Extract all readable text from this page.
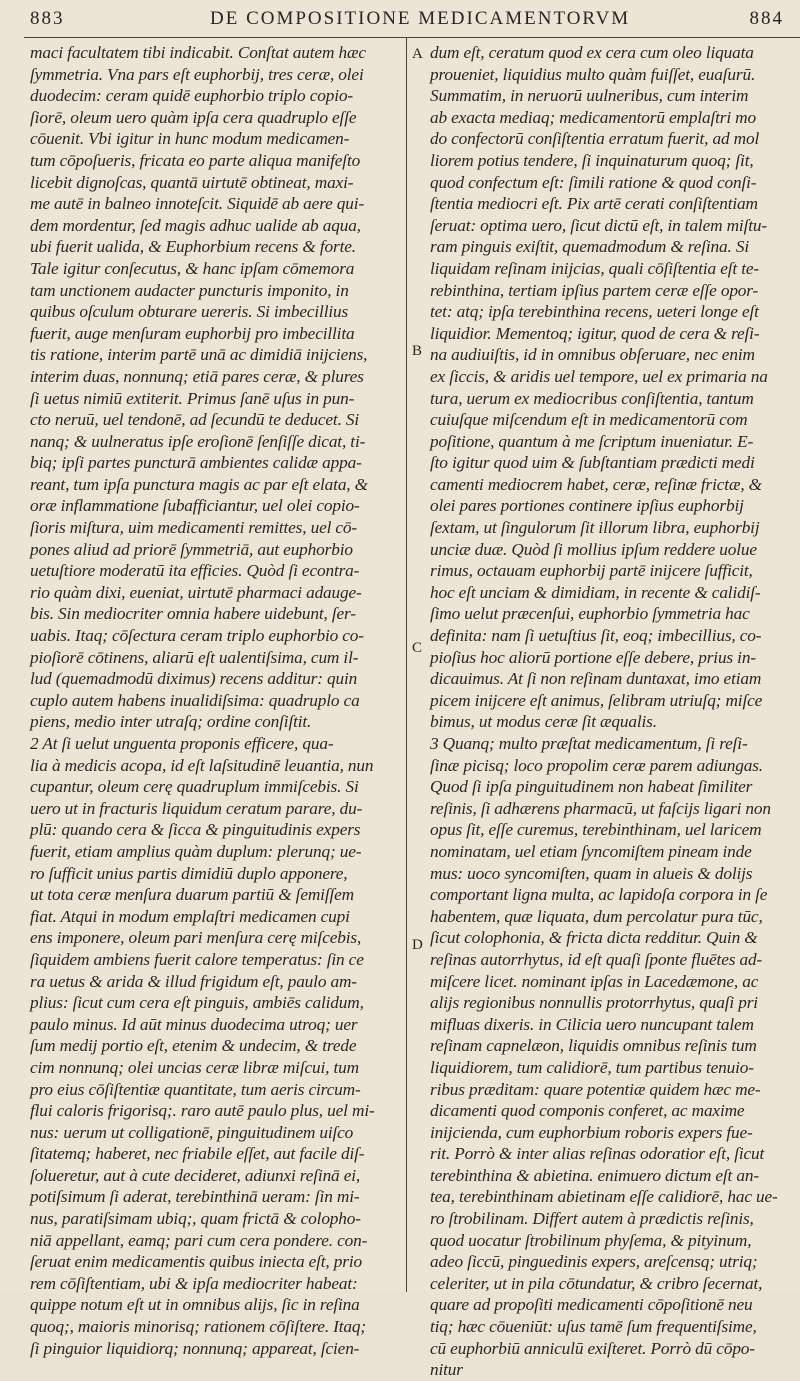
883	DE COMPOSITIONE MEDICAMENTORVM	884
maci facultatem tibi indicabit. Conſtat autem hæc
ſymmetria. Vna pars eſt euphorbij, tres ceræ, olei
duodecim: ceram quidē euphorbio triplo copio-
ſiorē, oleum uero quàm ipſa cera quadruplo eſſe
cōuenit. Vbi igitur in hunc modum medicamen-
tum cōpoſueris, fricata eo parte aliqua manifeſto
licebit dignoſcas, quantā uirtutē obtineat, maxi-
me autē in balneo innoteſcit. Siquidē ab aere qui-
dem mordentur, ſed magis adhuc ualide ab aqua,
ubi fuerit ualida, & Euphorbium recens & forte.
Tale igitur conſecutus, & hanc ipſam cōmemora
tam unctionem audacter puncturis imponito, in
quibus oſculum obturare uereris. Si imbecillius
fuerit, auge menſuram euphorbij pro imbecillita
tis ratione, interim partē unā ac dimidiā inijciens,
interim duas, nonnunq; etiā pares ceræ, & plures
ſi uetus nimiū extiterit. Primus ſanē uſus in pun-
cto neruū, uel tendonē, ad ſecundū te deducet. Si
nanq; & uulneratus ipſe eroſionē ſenſiſſe dicat, ti-
biq; ipſi partes puncturā ambientes calidæ appa-
reant, tum ipſa punctura magis ac par eſt elata, &
oræ inflammatione ſubafficiantur, uel olei copio-
ſioris miſtura, uim medicamenti remittes, uel cō-
pones aliud ad priorē ſymmetriā, aut euphorbio
uetuſtiore moderatū ita efficies. Quòd ſi econtra-
rio quàm dixi, eueniat, uirtutē pharmaci adauge-
bis. Sin mediocriter omnia habere uidebunt, ſer-
uabis. Itaq; cōſectura ceram triplo euphorbio co-
pioſiorē cōtinens, aliarū eſt ualentiſsima, cum il-
lud (quemadmodū diximus) recens additur: quin
cuplo autem habens inualidiſsima: quadruplo ca
piens, medio inter utraſq; ordine conſiſtit.
2 At ſi uelut unguenta proponis efficere, qua-
lia à medicis acopa, id eſt laſsitudinē leuantia, nun
cupantur, oleum cerę quadruplum immiſcebis. Si
uero ut in fracturis liquidum ceratum parare, du-
plū: quando cera & ſicca & pinguitudinis expers
fuerit, etiam amplius quàm duplum: plerunq; ue-
ro ſufficit unius partis dimidiū duplo apponere,
ut tota ceræ menſura duarum partiū & ſemiſſem
fiat. Atqui in modum emplaſtri medicamen cupi
ens imponere, oleum pari menſura cerę miſcebis,
ſiquidem ambiens fuerit calore temperatus: ſin ce
ra uetus & arida & illud frigidum eſt, paulo am-
plius: ſicut cum cera eſt pinguis, ambiēs calidum,
paulo minus. Id aūt minus duodecima utroq; uer
ſum medij portio eſt, etenim & undecim, & trede
cim nonnunq; olei uncias ceræ libræ miſcui, tum
pro eius cōſiſtentiæ quantitate, tum aeris circum-
flui caloris frigorisq;. raro autē paulo plus, uel mi-
nus: uerum ut colligationē, pinguitudinem uiſco
ſitatemq; haberet, nec friabile eſſet, aut facile diſ-
ſolueretur, aut à cute decideret, adiunxi reſinā ei,
potiſsimum ſi aderat, terebinthinā ueram: ſin mi-
nus, paratiſsimam ubiq;, quam frictā & colopho-
niā appellant, eamq; pari cum cera pondere. con-
ſeruat enim medicamentis quibus iniecta eſt, prio
rem cōſiſtentiam, ubi & ipſa mediocriter habeat:
quippe notum eſt ut in omnibus alijs, ſic in reſina
quoq;, maioris minorisq; rationem cōſiſtere. Itaq;
ſi pinguior liquidiorq; nonnunq; appareat, ſcien-
dum eſt, ceratum quod ex cera cum oleo liquata
proueniet, liquidius multo quàm fuiſſet, euaſurū.
Summatim, in neruorū uulneribus, cum interim
ab exacta mediaq; medicamentorū emplaſtri mo
do confectorū conſiſtentia erratum fuerit, ad mol
liorem potius tendere, ſi inquinaturum quoq; ſit,
quod confectum eſt: ſimili ratione & quod conſi-
ſtentia mediocri eſt. Pix artē cerati conſiſtentiam
ſeruat: optima uero, ſicut dictū eſt, in talem miſtu-
ram pinguis exiſtit, quemadmodum & reſina. Si
liquidam reſinam inijcias, quali cōſiſtentia eſt te-
rebinthina, tertiam ipſius partem ceræ eſſe opor-
tet: atq; ipſa terebinthina recens, ueteri longe eſt
liquidior. Mementoq; igitur, quod de cera & reſi-
na audiuiſtis, id in omnibus obſeruare, nec enim
ex ſiccis, & aridis uel tempore, uel ex primaria na
tura, uerum ex mediocribus conſiſtentia, tantum
cuiuſque miſcendum eſt in medicamentorū com
poſitione, quantum à me ſcriptum inueniatur. E-
ſto igitur quod uim & ſubſtantiam prædicti medi
camenti mediocrem habet, ceræ, reſinæ frictæ, &
olei pares portiones continere ipſius euphorbij
ſextam, ut ſingulorum ſit illorum libra, euphorbij
unciæ duæ. Quòd ſi mollius ipſum reddere uolue
rimus, octauam euphorbij partē inijcere ſufficit,
hoc eſt unciam & dimidiam, in recente & calidiſ-
ſimo uelut præcenſui, euphorbio ſymmetria hac
definita: nam ſi uetuſtius ſit, eoq; imbecillius, co-
pioſius hoc aliorū portione eſſe debere, prius in-
dicauimus. At ſi non reſinam duntaxat, imo etiam
picem inijcere eſt animus, ſelibram utriuſq; miſce
bimus, ut modus ceræ ſit æqualis.
3 Quanq; multo præſtat medicamentum, ſi reſi-
ſinæ picisq; loco propolim ceræ parem adiungas.
Quod ſi ipſa pinguitudinem non habeat ſimiliter
reſinis, ſi adhærens pharmacū, ut faſcijs ligari non
opus ſit, eſſe curemus, terebinthinam, uel laricem
nominatam, uel etiam ſyncomiſtem pineam inde
mus: uoco syncomiſten, quam in alueis & dolijs
comportant ligna multa, ac lapidoſa corpora in ſe
habentem, quæ liquata, dum percolatur pura tūc,
ſicut colophonia, & fricta dicta redditur. Quin &
reſinas autorrhytus, id eſt quaſi ſponte fluētes ad-
miſcere licet. nominant ipſas in Lacedæmone, ac
alijs regionibus nonnullis protorrhytus, quaſi pri
mifluas dixeris. in Cilicia uero nuncupant talem
reſinam capnelæon, liquidis omnibus reſinis tum
liquidiorem, tum calidiorē, tum partibus tenuio-
ribus præditam: quare potentiæ quidem hæc me-
dicamenti quod componis conferet, ac maxime
inijcienda, cum euphorbium roboris expers fue-
rit. Porrò & inter alias reſinas odoratior eſt, ſicut
terebinthina & abietina. enimuero dictum eſt an-
tea, terebinthinam abietinam eſſe calidiorē, hac ue-
ro ſtrobilinam. Differt autem à prædictis reſinis,
quod uocatur ſtrobilinum phyſema, & pityinum,
adeo ſiccū, pinguedinis expers, areſcensq; utriq;
celeriter, ut in pila cōtundatur, & cribro ſecernat,
quare ad propoſiti medicamenti cōpoſitionē neu
tiq; hæc cōueniūt: uſus tamē ſum frequentiſsime,
cū euphorbiū anniculū exiſteret. Porrò dū cōpo-
nitur
A
B
C
D
